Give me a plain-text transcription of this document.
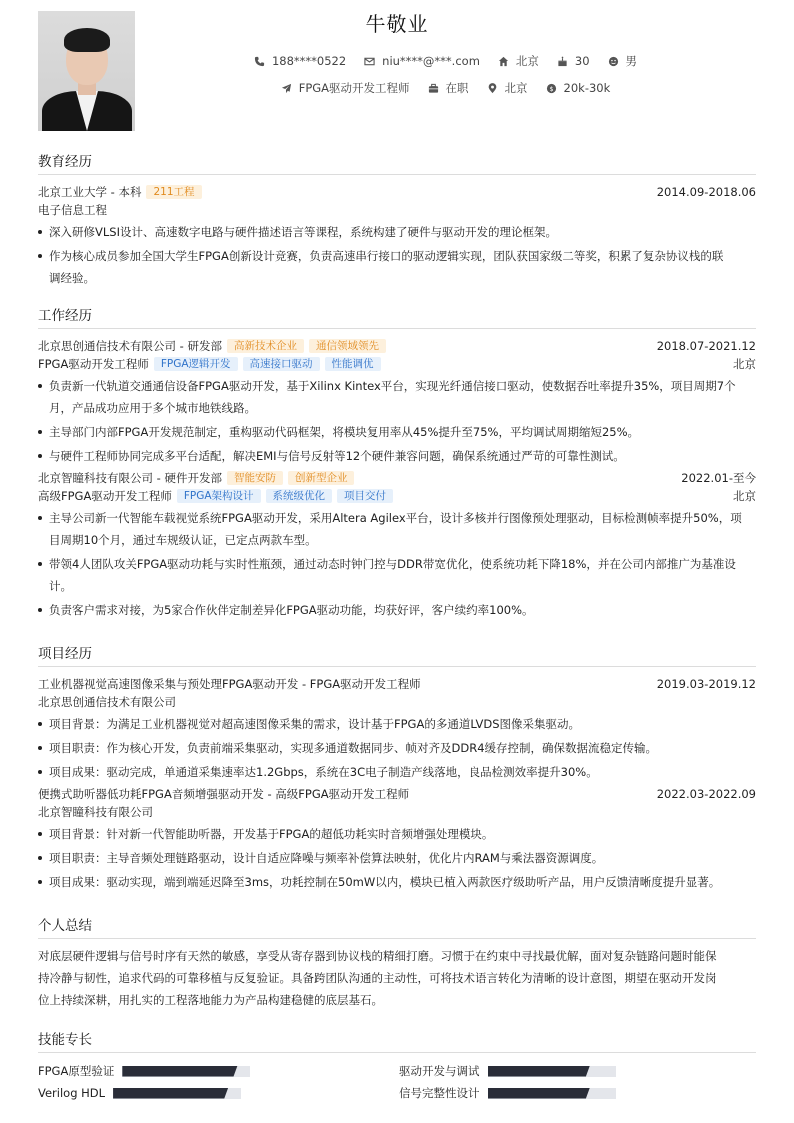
牛敬业
188****0522	niu****@***.com	北京	30	男
FPGA驱动开发工程师	在职	北京	$ 20k-30k
教育经历
北京工业大学 - 本科 211工程	2014.09-2018.06
电子信息工程
深入研修VLSI设计、高速数字电路与硬件描述语言等课程，系统构建了硬件与驱动开发的理论框架。
作为核心成员参加全国大学生FPGA创新设计竞赛，负责高速串行接口的驱动逻辑实现，团队获国家级二等奖，积累了复杂协议栈的联
调经验。
工作经历
北京思创通信技术有限公司 - 研发部 高新技术企业 通信领域领先	2018.07-2021.12
FPGA驱动开发工程师 FPGA逻辑开发 高速接口驱动 性能调优	北京
负责新一代轨道交通通信设备FPGA驱动开发，基于Xilinx Kintex平台，实现光纤通信接口驱动，使数据吞吐率提升35%，项目周期7个
月，产品成功应用于多个城市地铁线路。
主导部门内部FPGA开发规范制定，重构驱动代码框架，将模块复用率从45%提升至75%，平均调试周期缩短25%。
与硬件工程师协同完成多平台适配，解决EMI与信号反射等12个硬件兼容问题，确保系统通过严苛的可靠性测试。
北京智瞳科技有限公司 - 硬件开发部 智能安防 创新型企业	2022.01-至今
高级FPGA驱动开发工程师 FPGA架构设计 系统级优化 项目交付	北京
主导公司新一代智能车载视觉系统FPGA驱动开发，采用Altera Agilex平台，设计多核并行图像预处理驱动，目标检测帧率提升50%，项
目周期10个月，通过车规级认证，已定点两款车型。
带领4人团队攻关FPGA驱动功耗与实时性瓶颈，通过动态时钟门控与DDR带宽优化，使系统功耗下降18%，并在公司内部推广为基准设
计。
负责客户需求对接，为5家合作伙伴定制差异化FPGA驱动功能，均获好评，客户续约率100%。
项目经历
工业机器视觉高速图像采集与预处理FPGA驱动开发 - FPGA驱动开发工程师	2019.03-2019.12
北京思创通信技术有限公司
项目背景：为满足工业机器视觉对超高速图像采集的需求，设计基于FPGA的多通道LVDS图像采集驱动。
项目职责：作为核心开发，负责前端采集驱动，实现多通道数据同步、帧对齐及DDR4缓存控制，确保数据流稳定传输。
项目成果：驱动完成，单通道采集速率达1.2Gbps，系统在3C电子制造产线落地，良品检测效率提升30%。
便携式助听器低功耗FPGA音频增强驱动开发 - 高级FPGA驱动开发工程师	2022.03-2022.09
北京智瞳科技有限公司
项目背景：针对新一代智能助听器，开发基于FPGA的超低功耗实时音频增强处理模块。
项目职责：主导音频处理链路驱动，设计自适应降噪与频率补偿算法映射，优化片内RAM与乘法器资源调度。
项目成果：驱动实现，端到端延迟降至3ms，功耗控制在50mW以内，模块已植入两款医疗级助听产品，用户反馈清晰度提升显著。
个人总结
对底层硬件逻辑与信号时序有天然的敏感，享受从寄存器到协议栈的精细打磨。习惯于在约束中寻找最优解，面对复杂链路问题时能保
持冷静与韧性，追求代码的可靠移植与反复验证。具备跨团队沟通的主动性，可将技术语言转化为清晰的设计意图，期望在驱动开发岗
位上持续深耕，用扎实的工程落地能力为产品构建稳健的底层基石。
技能专长
FPGA原型验证	驱动开发与调试
Verilog HDL	信号完整性设计
